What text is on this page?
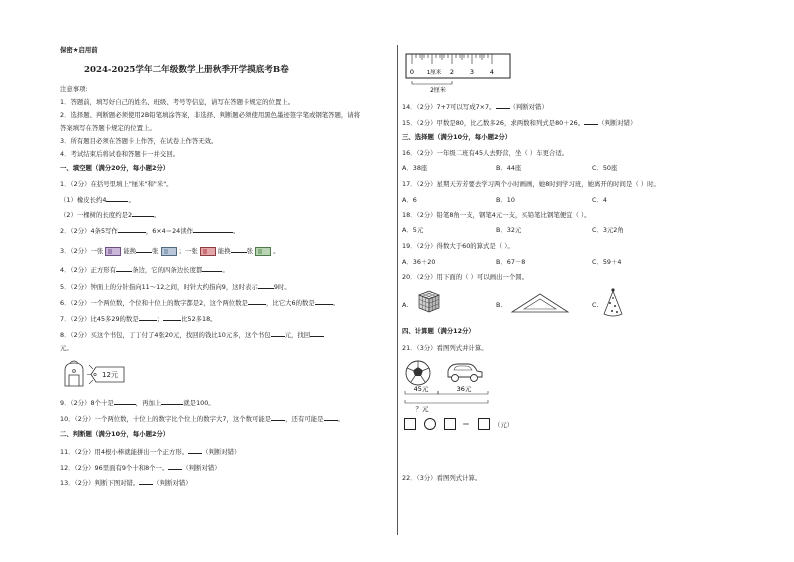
保密★启用前
2024-2025学年二年级数学上册秋季开学摸底考B卷
注意事项:
1．答题前，填写好自己的姓名、班级、考号等信息，请写在答题卡规定的位置上。
2．选择题、判断题必须使用2B铅笔填涂答案，非选择、判断题必须使用黑色墨迹签字笔或钢笔答题，请将
答案填写在答题卡规定的位置上。
3．所有题目必须在答题卡上作答，在试卷上作答无效。
4．考试结束后将试卷和答题卡一并交回。
一、填空题（满分20分，每小题2分）
1．（2分）在括号里填上"厘米"和"米"。
（1）橡皮长约4	。
（2）一棵树的长度约是2	。
2．（2分）4条5写作	，6×4＝24读作	。
3．（2分）一张	能换	张	；一张	能换	张	。
4．（2分）正方形有	条边，它的四条边长度都	。
5．（2分）钟面上的分针指向11～12之间，时针大约指向9，这时表示	9时。
6．（2分）一个两位数，个位和十位上的数字都是2，这个两位数是	，比它大6的数是	。
7．（2分）比45多29的数是	；	比52多18。
8．（2分）买这个书包，丁丁付了4张20元，找回的钱比10元多，这个书包 元，找回
元。
12元
9．（2分）8个十是	，再加上	就是100。
10．（2分）一个两位数，十位上的数字比个位上的数字大7，这个数可能是 ，还有可能是 。
二、判断题（满分10分，每小题2分）
11．（2分）用4根小棒就能拼出一个正方形。 （判断对错）
12．（2分）96里面有9个十和8个一。 （判断对错）
13．（2分）判断下图对错。 （判断对错）
0 1厘米 2 3 4
2厘米
14．（2分）7+7可以写成7×7。 （判断对错）
15．（2分）甲数是80，比乙数多26，求两数和列式是80＋26。 （判断对错）
三、选择题（满分10分，每小题2分）
16．（2分）一年级二班有45人去野营，坐（ ）车更合适。
A．38座	B．44座	C．50座
17．（2分）星期天芳芳要去学习两个小时画画，她8时到学习班，她离开的时间是（ ）时。
A．6	B．10	C．4
18．（2分）铅笔8角一支，钢笔4元一支，买铅笔比钢笔便宜（ ）。
A．5元	B．32元	C．3元2角
19．（2分）得数大于60的算式是（ ）。
A．36＋20	B．67－8	C．59＋4
20．（2分）用下面的（ ）可以画出一个圆。
A.	B.	C.
四、计算题（满分12分）
21．（3分）看图列式并计算。
45元	36元
？元
＝	（元）
22．（3分）看图列式计算。
